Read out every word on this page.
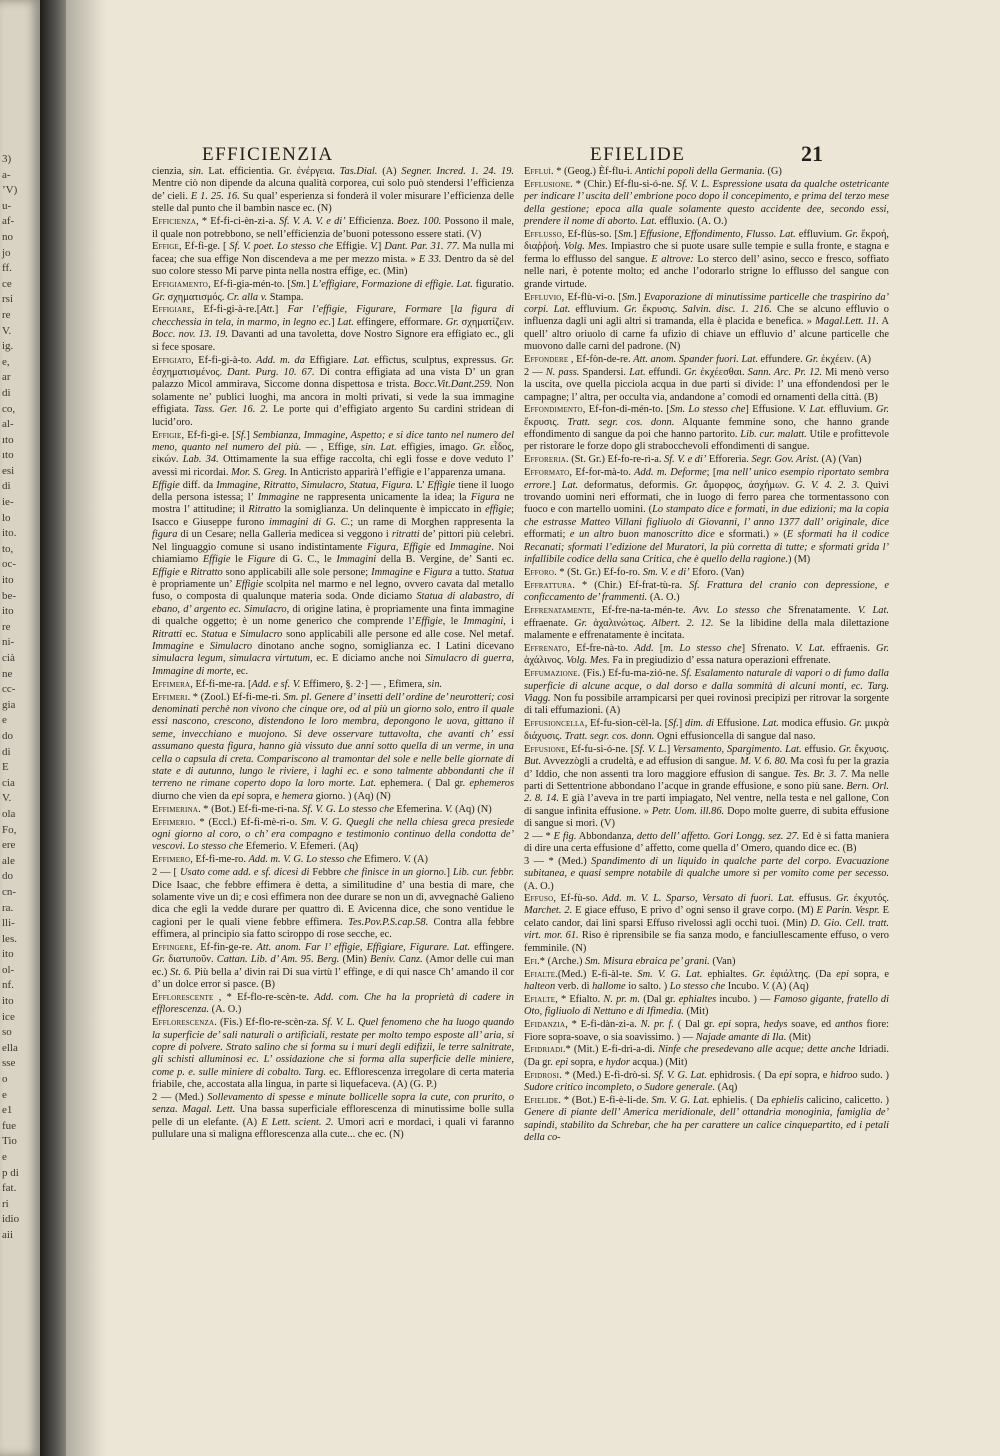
3)
a-
’V)
u-
af-
no
jo
ff.
ce
rsi
re
V.
ig.
e,
ar
di
co,
al-
ıto
ıto
esi
di
ie-
lo
ito.
to,
oc-
ito
be-
ito
re
ni-
cià
ne
cc-
gia
e
do
di
E
cia
V.
ola
Fo,
ere
ale
do
cn-
ra.
lli-
les.
ito
ol-
nf.
ito
ice
so
ella
sse
o
e
e1
fue
Tio
e
p di
fat.
ri
idio
aii
EFFICIENZIA	EFIELIDE	21
cienzia, sin. Lat. efficientia. Gr. ἐνέργεια. Tas.Dial. (A) Segner. Incred. 1. 24. 19. Mentre ciò non dipende da alcuna qualità corporea, cui solo può stendersi l’efficienza de’ cieli. E 1. 25. 16. Su qual’ esperienza si fonderà il voler misurare l’efficienza delle stelle dal punto che il bambin nasce ec. (N)
Efficienza, * Ef-fi-ci-èn-zi-a. Sf. V. A. V. e di’ Efficienza. Boez. 100. Possono il male, il quale non potrebbono, se nell’efficienzia de’buoni potessono essere stati. (V)
Effige, Ef-fi-ge. [ Sf. V. poet. Lo stesso che Effigie. V.] Dant. Par. 31. 77. Ma nulla mi facea; che sua effige Non discendeva a me per mezzo mista. » E 33. Dentro da sè del suo colore stesso Mi parve pinta nella nostra effige, ec. (Min)
Effigiamento, Ef-fi-gia-mén-to. [Sm.] L’effigiare, Formazione di effigie. Lat. figuratio. Gr. σχηματισμός. Cr. alla v. Stampa.
Effigiare, Ef-fi-gi-à-re.[Att.] Far l’effigie, Figurare, Formare [la figura di checchessia in tela, in marmo, in legno ec.] Lat. effingere, efformare. Gr. σχηματίζειν. Bocc. nov. 13. 19. Davanti ad una tavoletta, dove Nostro Signore era effigiato ec., gli si fece sposare.
Effigiato, Ef-fi-gi-à-to. Add. m. da Effigiare. Lat. effictus, sculptus, expressus. Gr. ἐσχηματισμένος. Dant. Purg. 10. 67. Di contra effigiata ad una vista D’ un gran palazzo Micol ammirava, Siccome donna dispettosa e trista. Bocc.Vit.Dant.259. Non solamente ne’ publici luoghi, ma ancora in molti privati, si vede la sua immagine effigiata. Tass. Ger. 16. 2. Le porte qui d’effigiato argento Su cardini stridean di lucid’oro.
Effigie, Ef-fi-gi-e. [Sf.] Sembianza, Immagine, Aspetto; e si dice tanto nel numero del meno, quanto nel numero del più. — , Effige, sin. Lat. effigies, imago. Gr. εἶδος, εἰκών. Lab. 34. Ottimamente la sua effige raccolta, chi egli fosse e dove veduto l’ avessi mi ricordai. Mor. S. Greg. In Anticristo apparirà l’effigie e l’apparenza umana.
Effigie diff. da Immagine, Ritratto, Simulacro, Statua, Figura. L’ Effigie tiene il luogo della persona istessa; l’ Immagine ne rappresenta unicamente la idea; la Figura ne mostra l’ attitudine; il Ritratto la somiglianza. Un delinquente è impiccato in effigie; Isacco e Giuseppe furono immagini di G. C.; un rame di Morghen rappresenta la figura di un Cesare; nella Galleria medicea si veggono i ritratti de’ pittori più celebri. Nel linguaggio comune si usano indistintamente Figura, Effigie ed Immagine. Noi chiamiamo Effigie le Figure di G. C., le Immagini della B. Vergine, de’ Santi ec. Effigie e Ritratto sono applicabili alle sole persone; Immagine e Figura a tutto. Statua è propriamente un’ Effigie scolpita nel marmo e nel legno, ovvero cavata dal metallo fuso, o composta di qualunque materia soda. Onde diciamo Statua di alabastro, di ebano, d’ argento ec. Simulacro, di origine latina, è propriamente una finta immagine di qualche oggetto; è un nome generico che comprende l’Effigie, le Immagini, i Ritratti ec. Statua e Simulacro sono applicabili alle persone ed alle cose. Nel metaf. Immagine e Simulacro dinotano anche sogno, somiglianza ec. I Latini dicevano simulacra legum, simulacra virtutum, ec. E diciamo anche noi Simulacro di guerra, Immagine di morte, ec.
Effimera, Ef-fi-me-ra. [Add. e sf. V. Effimero, §. 2·] — , Efimera, sin.
Effimeri. * (Zool.) Ef-fi-me-ri. Sm. pl. Genere d’ insetti dell’ ordine de’ neurotteri; così denominati perchè non vivono che cinque ore, od al più un giorno solo, entro il quale essi nascono, crescono, distendono le loro membra, depongono le uova, gittano il seme, invecchiano e muojono. Si deve osservare tuttavolta, che avanti ch’ essi assumano questa figura, hanno già vissuto due anni sotto quella di un verme, in una cella o capsula di creta. Compariscono al tramontar del sole e nelle belle giornate di state e di autunno, lungo le riviere, i laghi ec. e sono talmente abbondanti che il terreno ne rimane coperto dopo la loro morte. Lat. ephemera. ( Dal gr. ephemeros diurno che vien da epi sopra, e hemera giorno. ) (Aq) (N)
Effimerina. * (Bot.) Ef-fi-me-ri-na. Sf. V. G. Lo stesso che Efemerina. V. (Aq) (N)
Effimerio. * (Eccl.) Ef-fi-mè-ri-o. Sm. V. G. Quegli che nella chiesa greca presiede ogni giorno al coro, o ch’ era compagno e testimonio continuo della condotta de’ vescovi. Lo stesso che Efemerio. V. Efemeri. (Aq)
Effimero, Ef-fi-me-ro. Add. m. V. G. Lo stesso che Efimero. V. (A)
2 — [ Usato come add. e sf. dicesi di Febbre che finisce in un giorno.] Lib. cur. febbr. Dice Isaac, che febbre effimera è detta, a similitudine d’ una bestia di mare, che solamente vive un dì; e così effimera non dee durare se non un dì, avvegnachè Galieno dica che egli la vedde durare per quattro dì. E Avicenna dice, che sono ventidue le cagioni per le quali viene febbre effimera. Tes.Pov.P.S.cap.58. Contra alla febbre effimera, al principio sia fatto sciroppo di rose secche, ec.
Effingere, Ef-fin-ge-re. Att. anom. Far l’ effigie, Effigiare, Figurare. Lat. effingere. Gr. διατυποῦν. Cattan. Lib. d’ Am. 95. Berg. (Min) Beniv. Canz. (Amor delle cui man ec.) St. 6. Più bella a’ divin rai Di sua virtù l’ effinge, e di qui nasce Ch’ amando il cor d’ un dolce error si pasce. (B)
Efflorescente , * Ef-flo-re-scèn-te. Add. com. Che ha la proprietà di cadere in efflorescenza. (A. O.)
Efflorescenza. (Fis.) Ef-flo-re-scèn-za. Sf. V. L. Quel fenomeno che ha luogo quando la superficie de’ sali naturali o artificiali, restate per molto tempo esposte all’ aria, si copre di polvere. Strato salino che si forma su i muri degli edifizii, le terre salnitrate, gli schisti alluminosi ec. L’ ossidazione che si forma alla superficie delle miniere, come p. e. sulle miniere di cobalto. Targ. ec. Efflorescenza irregolare di certa materia friabile, che, accostata alla lingua, in parte si liquefaceva. (A) (G. P.)
2 — (Med.) Sollevamento di spesse e minute bollicelle sopra la cute, con prurito, o senza. Magal. Lett. Una bassa superficiale efflorescenza di minutissime bolle sulla pelle di un elefante. (A) E Lett. scient. 2. Umori acri e mordaci, i quali vi faranno pullulare una sì maligna efflorescenza alla cute... che ec. (N)
Effluì. * (Geog.) Èf-flu-i. Antichi popoli della Germania. (G)
Efflusione. * (Chir.) Ef-flu-si-ó-ne. Sf. V. L. Espressione usata da qualche ostetricante per indicare l’ uscita dell’ embrione poco dopo il concepimento, e prima del terzo mese della gestione; epoca alla quale solamente questo accidente dee, secondo essi, prendere il nome di aborto. Lat. effluxio. (A. O.)
Efflusso, Ef-flùs-so. [Sm.] Effusione, Effondimento, Flusso. Lat. effluvium. Gr. ἔκροή, διαῤῥοή. Volg. Mes. Impiastro che si puote usare sulle tempie e sulla fronte, e stagna e ferma lo efflusso del sangue. E altrove: Lo sterco dell’ asino, secco e fresco, soffiato nelle nari, è potente molto; ed anche l’odorarlo strigne lo efflusso del sangue con grande virtude.
Effluvio, Ef-flù-vi-o. [Sm.] Evaporazione di minutissime particelle che traspirino da’ corpi. Lat. effluvium. Gr. ἔκρυσις. Salvin. disc. 1. 216. Che se alcuno effluvio o influenza dagli uni agli altri si tramanda, ella è placida e benefica. » Magal.Lett. 11. A quell’ altro oriuolo di carne fa ufizio di chiave un effluvio d’ alcune particelle che muovono dalle carni del padrone. (N)
Effondere , Ef-fòn-de-re. Att. anom. Spander fuori. Lat. effundere. Gr. ἐκχέειν. (A)
2 — N. pass. Spandersi. Lat. effundi. Gr. ἐκχέεσθαι. Sann. Arc. Pr. 12. Mi menò verso la uscita, ove quella picciola acqua in due parti si divide: l’ una effondendosi per le campagne; l’ altra, per occulta via, andandone a’ comodi ed ornamenti della città. (B)
Effondimento, Ef-fon-di-mén-to. [Sm. Lo stesso che] Effusione. V. Lat. effluvium. Gr. ἔκρυσις. Tratt. segr. cos. donn. Alquante femmine sono, che hanno grande effondimento di sangue da poi che hanno partorito. Lib. cur. malatt. Utile e profittevole per ristorare le forze dopo gli strabocchevoli effondimenti di sangue.
Efforeria. (St. Gr.) Ef-fo-re-rì-a. Sf. V. e di’ Efforeria. Segr. Gov. Arist. (A) (Van)
Efformato, Ef-for-mà-to. Add. m. Deforme; [ma nell’ unico esempio riportato sembra errore.] Lat. deformatus, deformis. Gr. ἄμορφος, ἀσχήμων. G. V. 4. 2. 3. Quivi trovando uomini neri efformati, che in luogo di ferro parea che tormentassono con fuoco e con martello uomini. (Lo stampato dice e formati, in due edizioni; ma la copia che estrasse Matteo Villani figliuolo di Giovanni, l’ anno 1377 dall’ originale, dice efformati; e un altro buon manoscritto dice e sformati.) » (E sformati ha il codice Recanati; sformati l’edizione del Muratori, la più corretta di tutte; e sformati grida l’ infallibile codice della sana Critica, che è quello della ragione.) (M)
Efforo. * (St. Gr.) Ef-fo-ro. Sm. V. e di’ Eforo. (Van)
Effrattura. * (Chir.) Ef-frat-tù-ra. Sf. Frattura del cranio con depressione, e conficcamento de’ frammenti. (A. O.)
Effrenatamente, Ef-fre-na-ta-mén-te. Avv. Lo stesso che Sfrenatamente. V. Lat. effraenate. Gr. ἀχαλινώτως. Albert. 2. 12. Se la libidine della mala dilettazione malamente e effrenatamente è incitata.
Effrenato, Ef-fre-nà-to. Add. [m. Lo stesso che] Sfrenato. V. Lat. effraenis. Gr. ἀχάλινος. Volg. Mes. Fa in pregiudizio d’ essa natura operazioni effrenate.
Effumazione. (Fis.) Ef-fu-ma-zió-ne. Sf. Esalamento naturale di vapori o di fumo dalla superficie di alcune acque, o dal dorso e dalla sommità di alcuni monti, ec. Targ. Viagg. Non fu possibile arrampicarsi per quei rovinosi precipizi per ritrovar la sorgente di tali effumazioni. (A)
Effusioncella, Ef-fu-sion-cèl-la. [Sf.] dim. di Effusione. Lat. modica effusio. Gr. μικρὰ διάχυσις. Tratt. segr. cos. donn. Ogni effusioncella di sangue dal naso.
Effusione, Ef-fu-si-ó-ne. [Sf. V. L.] Versamento, Spargimento. Lat. effusio. Gr. ἔκχυσις. But. Avvezzògli a crudeltà, e ad effusion di sangue. M. V. 6. 80. Ma così fu per la grazia d’ Iddio, che non assentì tra loro maggiore effusion di sangue. Tes. Br. 3. 7. Ma nelle parti di Settentrione abbondano l’acque in grande effusione, e sono più sane. Bern. Orl. 2. 8. 14. E già l’aveva in tre parti impiagato, Nel ventre, nella testa e nel gallone, Con di sangue infinita effusione. » Petr. Uom. ill.86. Dopo molte guerre, di subita effusione di sangue si morì. (V)
2 — * E fig. Abbondanza, detto dell’ affetto. Gori Longg. sez. 27. Ed è si fatta maniera di dire una certa effusione d’ affetto, come quella d’ Omero, quando dice ec. (B)
3 — * (Med.) Spandimento di un liquido in qualche parte del corpo. Evacuazione subitanea, e quasi sempre notabile di qualche umore sì per vomito come per secesso. (A. O.)
Effuso, Ef-fù-so. Add. m. V. L. Sparso, Versato di fuori. Lat. effusus. Gr. ἐκχυτός. Marchet. 2. E giace effuso, E privo d’ ogni senso il grave corpo. (M) E Parin. Vespr. E celato candor, dai lini sparsi Effuso rivelossi agli occhi tuoi. (Min) D. Gio. Cell. tratt. virt. mor. 61. Riso è riprensibile se fia sanza modo, e fanciullescamente effuso, o vero femminile. (N)
Efi.* (Arche.) Sm. Misura ebraica pe’ grani. (Van)
Efialte.(Med.) E-fi-àl-te. Sm. V. G. Lat. ephialtes. Gr. ἐφιάλτης. (Da epi sopra, e halteon verb. di hallome io salto. ) Lo stesso che Incubo. V. (A) (Aq)
Efialte, * Efialto. N. pr. m. (Dal gr. ephialtes incubo. ) — Famoso gigante, fratello di Oto, figliuolo di Nettuno e di Ifimedia. (Mit)
Efidanzia, * E-fi-dàn-zi-a. N. pr. f. ( Dal gr. epi sopra, hedys soave, ed anthos fiore: Fiore sopra-soave, o sia soavissimo. ) — Najade amante di Ila. (Mit)
Efidriadi.* (Mit.) E-fi-drì-a-di. Ninfe che presedevano alle acque; dette anche Idriadi. (Da gr. epi sopra, e hydor acqua.) (Mit)
Efidrosi. * (Med.) E-fi-drò-si. Sf. V. G. Lat. ephidrosis. ( Da epi sopra, e hidroo sudo. ) Sudore critico incompleto, o Sudore generale. (Aq)
Efielide. * (Bot.) E-fi-è-li-de. Sm. V. G. Lat. ephielis. ( Da ephielis calicino, calicetto. ) Genere di piante dell’ America meridionale, dell’ ottandria monoginia, famiglia de’ sapindi, stabilito da Schrebar, che ha per carattere un calice cinquepartito, ed i petali della co-
